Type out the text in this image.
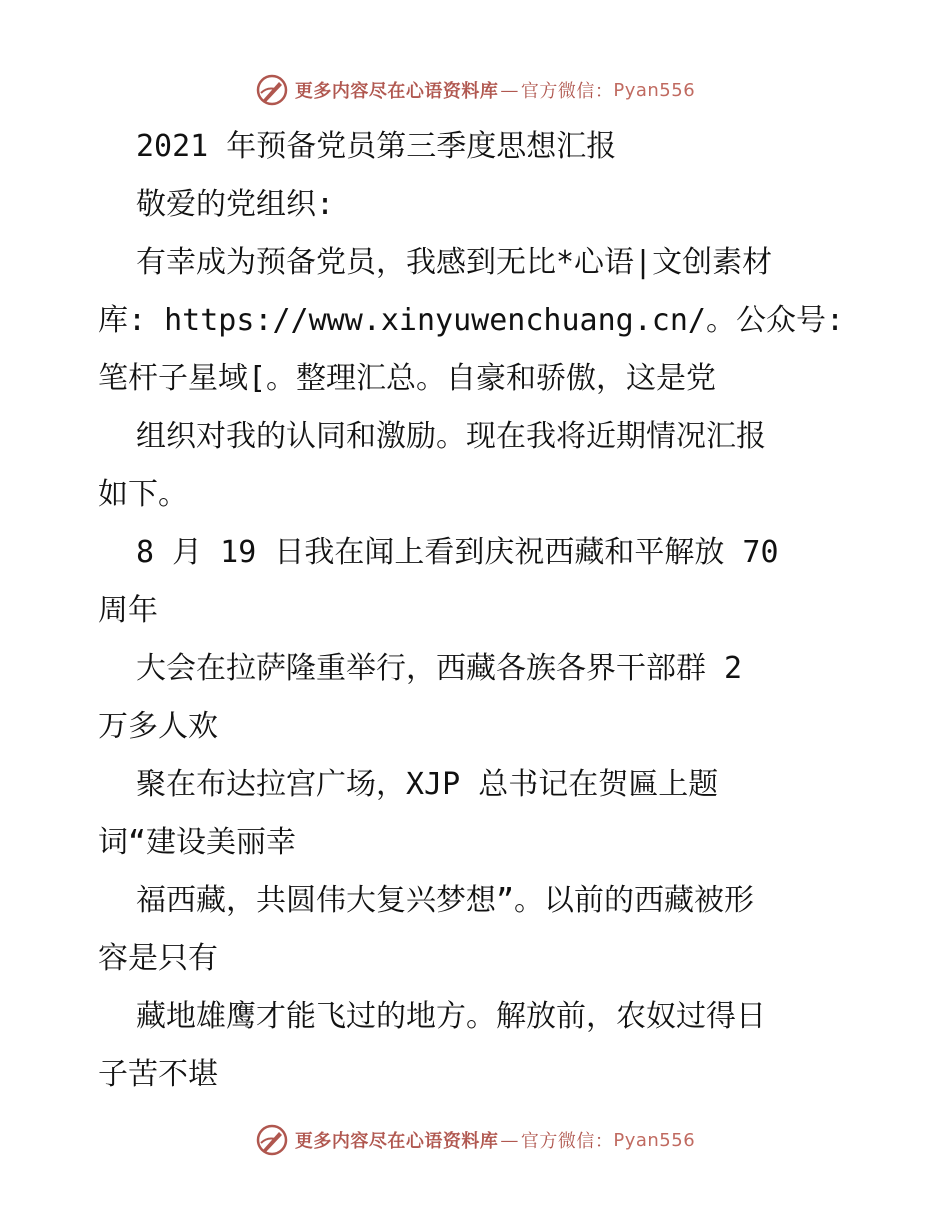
更多内容尽在心语资料库 — 官方微信： Pyan556
2021 年预备党员第三季度思想汇报
敬爱的党组织:
有幸成为预备党员，我感到无比*心语|文创素材
库: https://www.xinyuwenchuang.cn/。公众号:
笔杆子星域[。整理汇总。自豪和骄傲，这是党
组织对我的认同和激励。现在我将近期情况汇报
如下。
8 月 19 日我在闻上看到庆祝西藏和平解放 70
周年
大会在拉萨隆重举行，西藏各族各界干部群 2
万多人欢
聚在布达拉宫广场，XJP 总书记在贺匾上题
词“建设美丽幸
福西藏，共圆伟大复兴梦想”。以前的西藏被形
容是只有
藏地雄鹰才能飞过的地方。解放前，农奴过得日
子苦不堪
更多内容尽在心语资料库 — 官方微信： Pyan556
